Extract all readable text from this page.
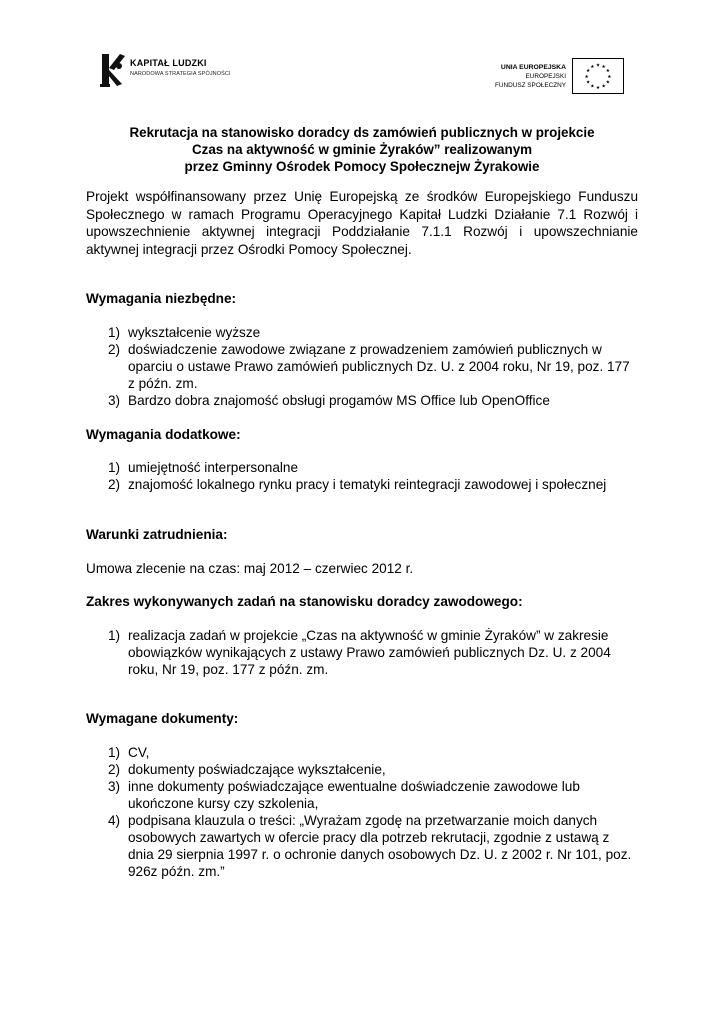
KAPITAŁ LUDZKI
NARODOWA STRATEGIA SPÓJNOŚCI
UNIA EUROPEJSKA
EUROPEJSKI
FUNDUSZ SPOŁECZNY
★ ★
★
★
★
★
★
★
★
★
★
★
Rekrutacja na stanowisko doradcy ds zamówień publicznych w projekcie
Czas na aktywność w gminie Żyraków” realizowanym
przez Gminny Ośrodek Pomocy Społecznejw Żyrakowie
Projekt współfinansowany przez Unię Europejską ze środków Europejskiego Funduszu Społecznego w ramach Programu Operacyjnego Kapitał Ludzki Działanie 7.1 Rozwój i upowszechnienie aktywnej integracji Poddziałanie 7.1.1 Rozwój i upowszechnianie aktywnej integracji przez Ośrodki Pomocy Społecznej.
Wymagania niezbędne:
1) wykształcenie wyższe
2) doświadczenie zawodowe związane z prowadzeniem zamówień publicznych w oparciu o ustawe Prawo zamówień publicznych Dz. U. z 2004 roku, Nr 19, poz. 177 z późn. zm.
3) Bardzo dobra znajomość obsługi progamów MS Office lub OpenOffice
Wymagania dodatkowe:
1) umiejętność interpersonalne
2) znajomość lokalnego rynku pracy i tematyki reintegracji zawodowej i społecznej
Warunki zatrudnienia:
Umowa zlecenie na czas: maj 2012 – czerwiec 2012 r.
Zakres wykonywanych zadań na stanowisku doradcy zawodowego:
1) realizacja zadań w projekcie „Czas na aktywność w gminie Żyraków” w zakresie obowiązków wynikających z ustawy Prawo zamówień publicznych Dz. U. z 2004 roku, Nr 19, poz. 177 z późn. zm.
Wymagane dokumenty:
1) CV,
2) dokumenty poświadczające wykształcenie,
3) inne dokumenty poświadczające ewentualne doświadczenie zawodowe lub ukończone kursy czy szkolenia,
4) podpisana klauzula o treści: „Wyrażam zgodę na przetwarzanie moich danych osobowych zawartych w ofercie pracy dla potrzeb rekrutacji, zgodnie z ustawą z dnia 29 sierpnia 1997 r. o ochronie danych osobowych Dz. U. z 2002 r. Nr 101, poz. 926z późn. zm.”
